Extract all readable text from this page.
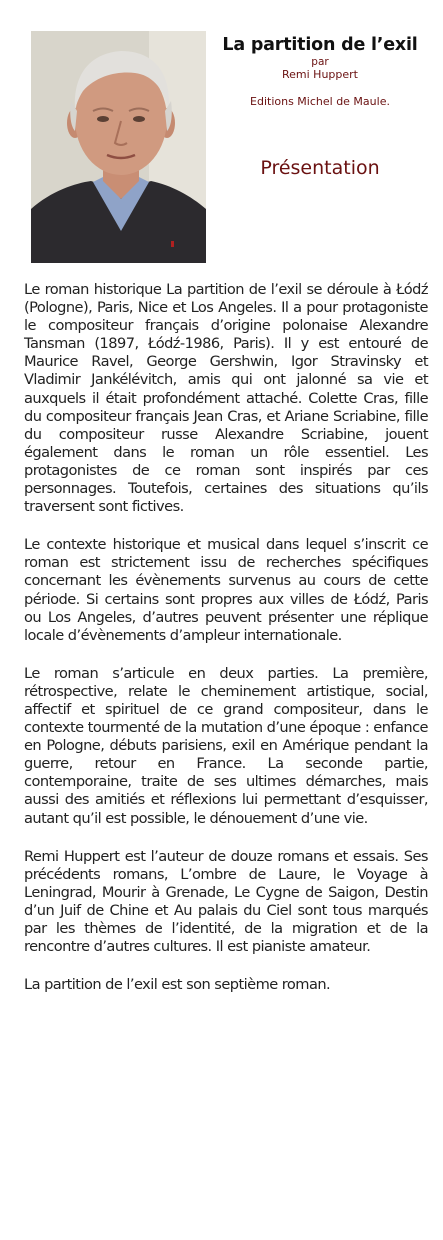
La partition de l’exil
par
Remi Huppert
Editions Michel de Maule.
Présentation

Le roman historique La partition de l’exil se déroule à Łódź (Pologne), Paris, Nice et Los Angeles. Il a pour protagoniste le compositeur français d’origine polonaise Alexandre Tansman (1897, Łódź-1986, Paris). Il y est entouré de Maurice Ravel, George Gershwin, Igor Stravinsky et Vladimir Jankélévitch, amis qui ont jalonné sa vie et auxquels il était profondément attaché. Colette Cras, fille du compositeur français Jean Cras, et Ariane Scriabine, fille du compositeur russe Alexandre Scriabine, jouent également dans le roman un rôle essentiel. Les protagonistes de ce roman sont inspirés par ces personnages. Toutefois, certaines des situations qu’ils traversent sont fictives.

Le contexte historique et musical dans lequel s’inscrit ce roman est strictement issu de recherches spécifiques concernant les évènements survenus au cours de cette période. Si certains sont propres aux villes de Łódź, Paris ou Los Angeles, d’autres peuvent présenter une réplique locale d’évènements d’ampleur internationale.

Le roman s’articule en deux parties. La première, rétrospective, relate le cheminement artistique, social, affectif et spirituel de ce grand compositeur, dans le contexte tourmenté de la mutation d’une époque : enfance en Pologne, débuts parisiens, exil en Amérique pendant la guerre, retour en France. La seconde partie, contemporaine, traite de ses ultimes démarches, mais aussi des amitiés et réflexions lui permettant d’esquisser, autant qu’il est possible, le dénouement d’une vie.

Remi Huppert est l’auteur de douze romans et essais. Ses précédents romans, L’ombre de Laure, le Voyage à Leningrad, Mourir à Grenade, Le Cygne de Saigon, Destin d’un Juif de Chine et Au palais du Ciel sont tous marqués par les thèmes de l’identité, de la migration et de la rencontre d’autres cultures. Il est pianiste amateur.

La partition de l’exil est son septième roman.
